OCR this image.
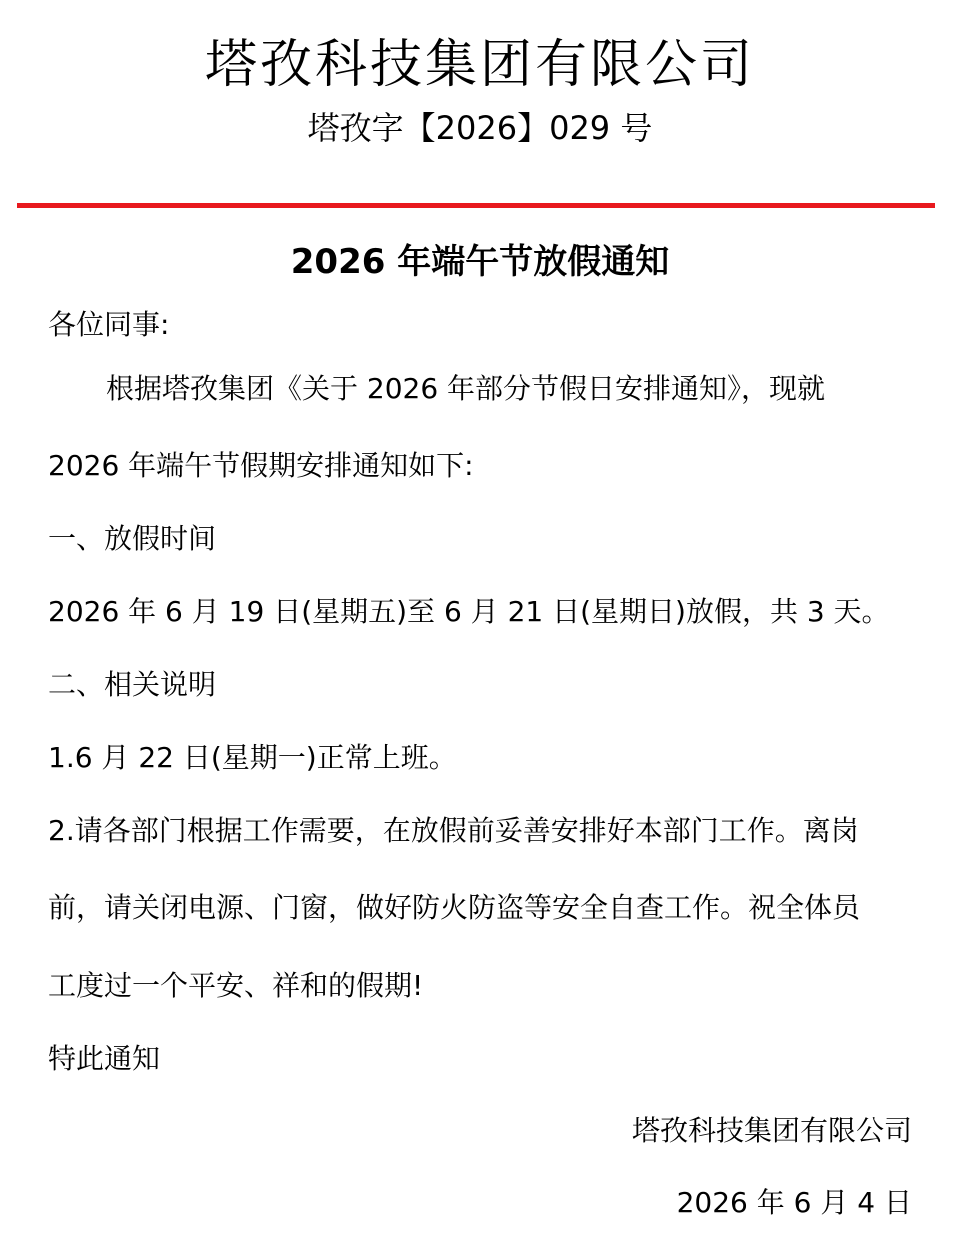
塔孜科技集团有限公司
塔孜字【2026】029 号
2026 年端午节放假通知
各位同事:
根据塔孜集团《关于 2026 年部分节假日安排通知》，现就
2026 年端午节假期安排通知如下:
一、放假时间
2026 年 6 月 19 日(星期五)至 6 月 21 日(星期日)放假，共 3 天。
二、相关说明
1.6 月 22 日(星期一)正常上班。
2.请各部门根据工作需要，在放假前妥善安排好本部门工作。离岗
前，请关闭电源、门窗，做好防火防盗等安全自查工作。祝全体员
工度过一个平安、祥和的假期!
特此通知
塔孜科技集团有限公司
2026 年 6 月 4 日
